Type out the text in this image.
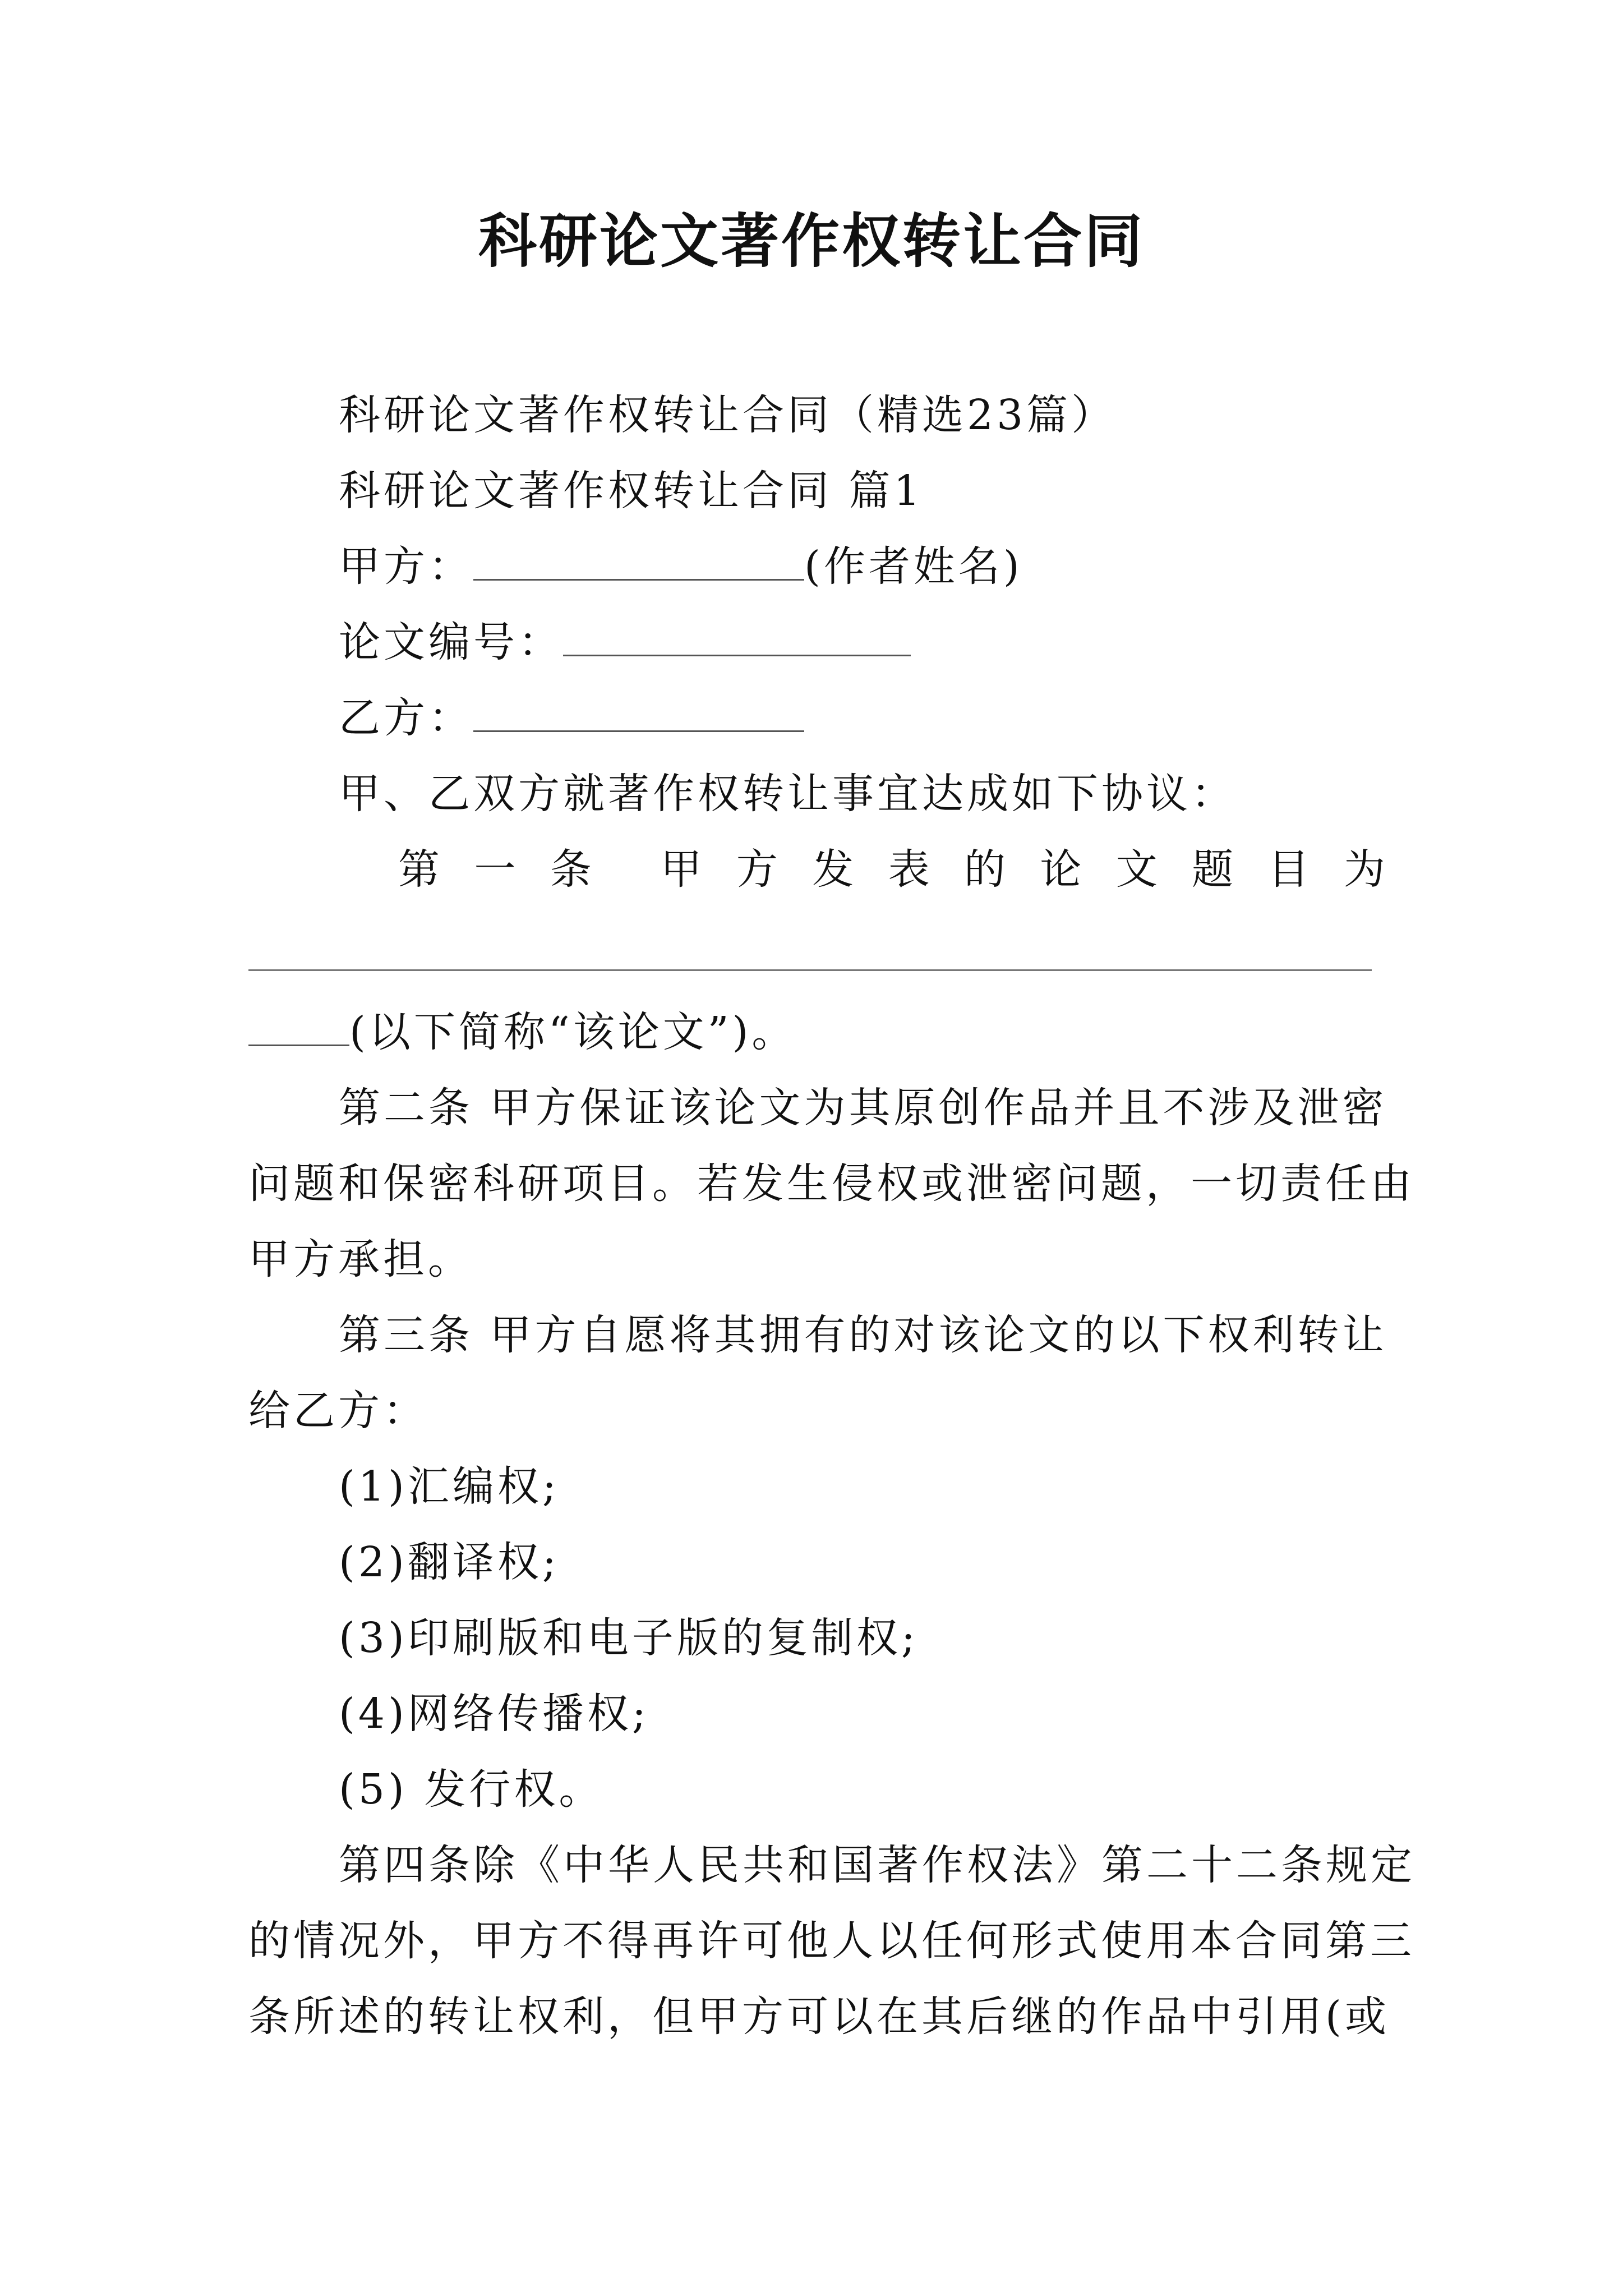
科研论文著作权转让合同
科研论文著作权转让合同（精选23篇）
科研论文著作权转让合同 篇1
甲方：	(作者姓名)
论文编号：
乙方：
甲、乙双方就著作权转让事宜达成如下协议：
第 一 条 甲 方 发 表 的 论 文 题 目 为
(以下简称“该论文”)。
第二条 甲方保证该论文为其原创作品并且不涉及泄密
问题和保密科研项目。若发生侵权或泄密问题，一切责任由
甲方承担。
第三条 甲方自愿将其拥有的对该论文的以下权利转让
给乙方：
(1)汇编权;
(2)翻译权;
(3)印刷版和电子版的复制权;
(4)网络传播权;
(5) 发行权。
第四条除《中华人民共和国著作权法》第二十二条规定
的情况外，甲方不得再许可他人以任何形式使用本合同第三
条所述的转让权利，但甲方可以在其后继的作品中引用(或
